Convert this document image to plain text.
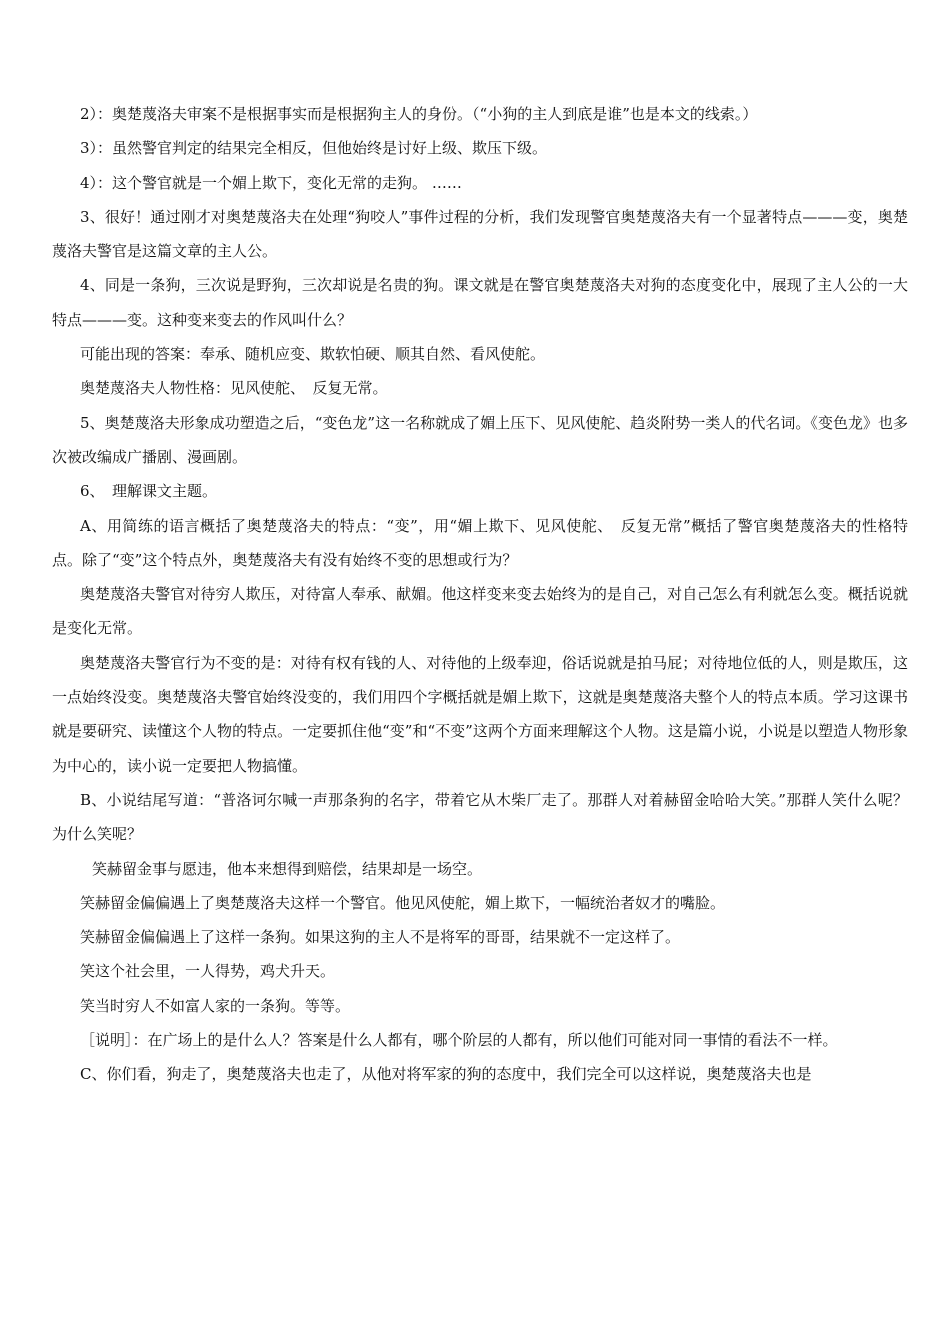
2）：奥楚蔑洛夫审案不是根据事实而是根据狗主人的身份。（“小狗的主人到底是谁”也是本文的线索。）

3）：虽然警官判定的结果完全相反，但他始终是讨好上级、欺压下级。

4）：这个警官就是一个媚上欺下，变化无常的走狗。 ……

3、很好！通过刚才对奥楚蔑洛夫在处理“狗咬人”事件过程的分析，我们发现警官奥楚蔑洛夫有一个显著特点———变，奥楚蔑洛夫警官是这篇文章的主人公。

4、同是一条狗，三次说是野狗，三次却说是名贵的狗。课文就是在警官奥楚蔑洛夫对狗的态度变化中，展现了主人公的一大特点———变。这种变来变去的作风叫什么？

可能出现的答案：奉承、随机应变、欺软怕硬、顺其自然、看风使舵。

奥楚蔑洛夫人物性格：见风使舵、　反复无常。

5、奥楚蔑洛夫形象成功塑造之后，“变色龙”这一名称就成了媚上压下、见风使舵、趋炎附势一类人的代名词。《变色龙》也多次被改编成广播剧、漫画剧。

6、　理解课文主题。

A、用简练的语言概括了奥楚蔑洛夫的特点：“变”，用“媚上欺下、见风使舵、　反复无常”概括了警官奥楚蔑洛夫的性格特点。除了“变”这个特点外，奥楚蔑洛夫有没有始终不变的思想或行为？

奥楚蔑洛夫警官对待穷人欺压，对待富人奉承、献媚。他这样变来变去始终为的是自己，对自己怎么有利就怎么变。概括说就是变化无常。

奥楚蔑洛夫警官行为不变的是：对待有权有钱的人、对待他的上级奉迎，俗话说就是拍马屁；对待地位低的人，则是欺压，这一点始终没变。奥楚蔑洛夫警官始终没变的，我们用四个字概括就是媚上欺下，这就是奥楚蔑洛夫整个人的特点本质。学习这课书就是要研究、读懂这个人物的特点。一定要抓住他“变”和“不变”这两个方面来理解这个人物。这是篇小说，小说是以塑造人物形象为中心的，读小说一定要把人物搞懂。

B、小说结尾写道：“普洛诃尔喊一声那条狗的名字，带着它从木柴厂走了。那群人对着赫留金哈哈大笑。”那群人笑什么呢？为什么笑呢？

笑赫留金事与愿违，他本来想得到赔偿，结果却是一场空。

笑赫留金偏偏遇上了奥楚蔑洛夫这样一个警官。他见风使舵，媚上欺下，一幅统治者奴才的嘴脸。

笑赫留金偏偏遇上了这样一条狗。如果这狗的主人不是将军的哥哥，结果就不一定这样了。

笑这个社会里，一人得势，鸡犬升天。

笑当时穷人不如富人家的一条狗。等等。

［说明］：在广场上的是什么人？答案是什么人都有，哪个阶层的人都有，所以他们可能对同一事情的看法不一样。

C、你们看，狗走了，奥楚蔑洛夫也走了，从他对将军家的狗的态度中，我们完全可以这样说，奥楚蔑洛夫也是
